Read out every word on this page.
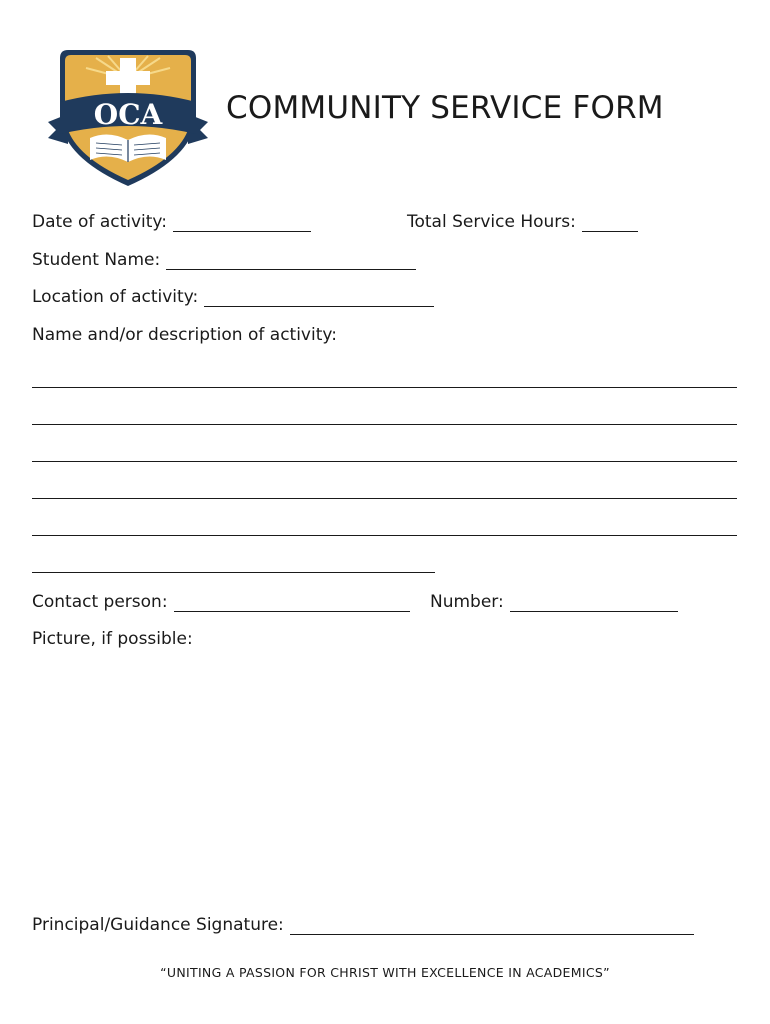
OCA COMMUNITY SERVICE FORM
Date of activity:	Total Service Hours:
Student Name:
Location of activity:
Name and/or description of activity:
Contact person:	Number:
Picture, if possible:
Principal/Guidance Signature:
“UNITING A PASSION FOR CHRIST WITH EXCELLENCE IN ACADEMICS”
